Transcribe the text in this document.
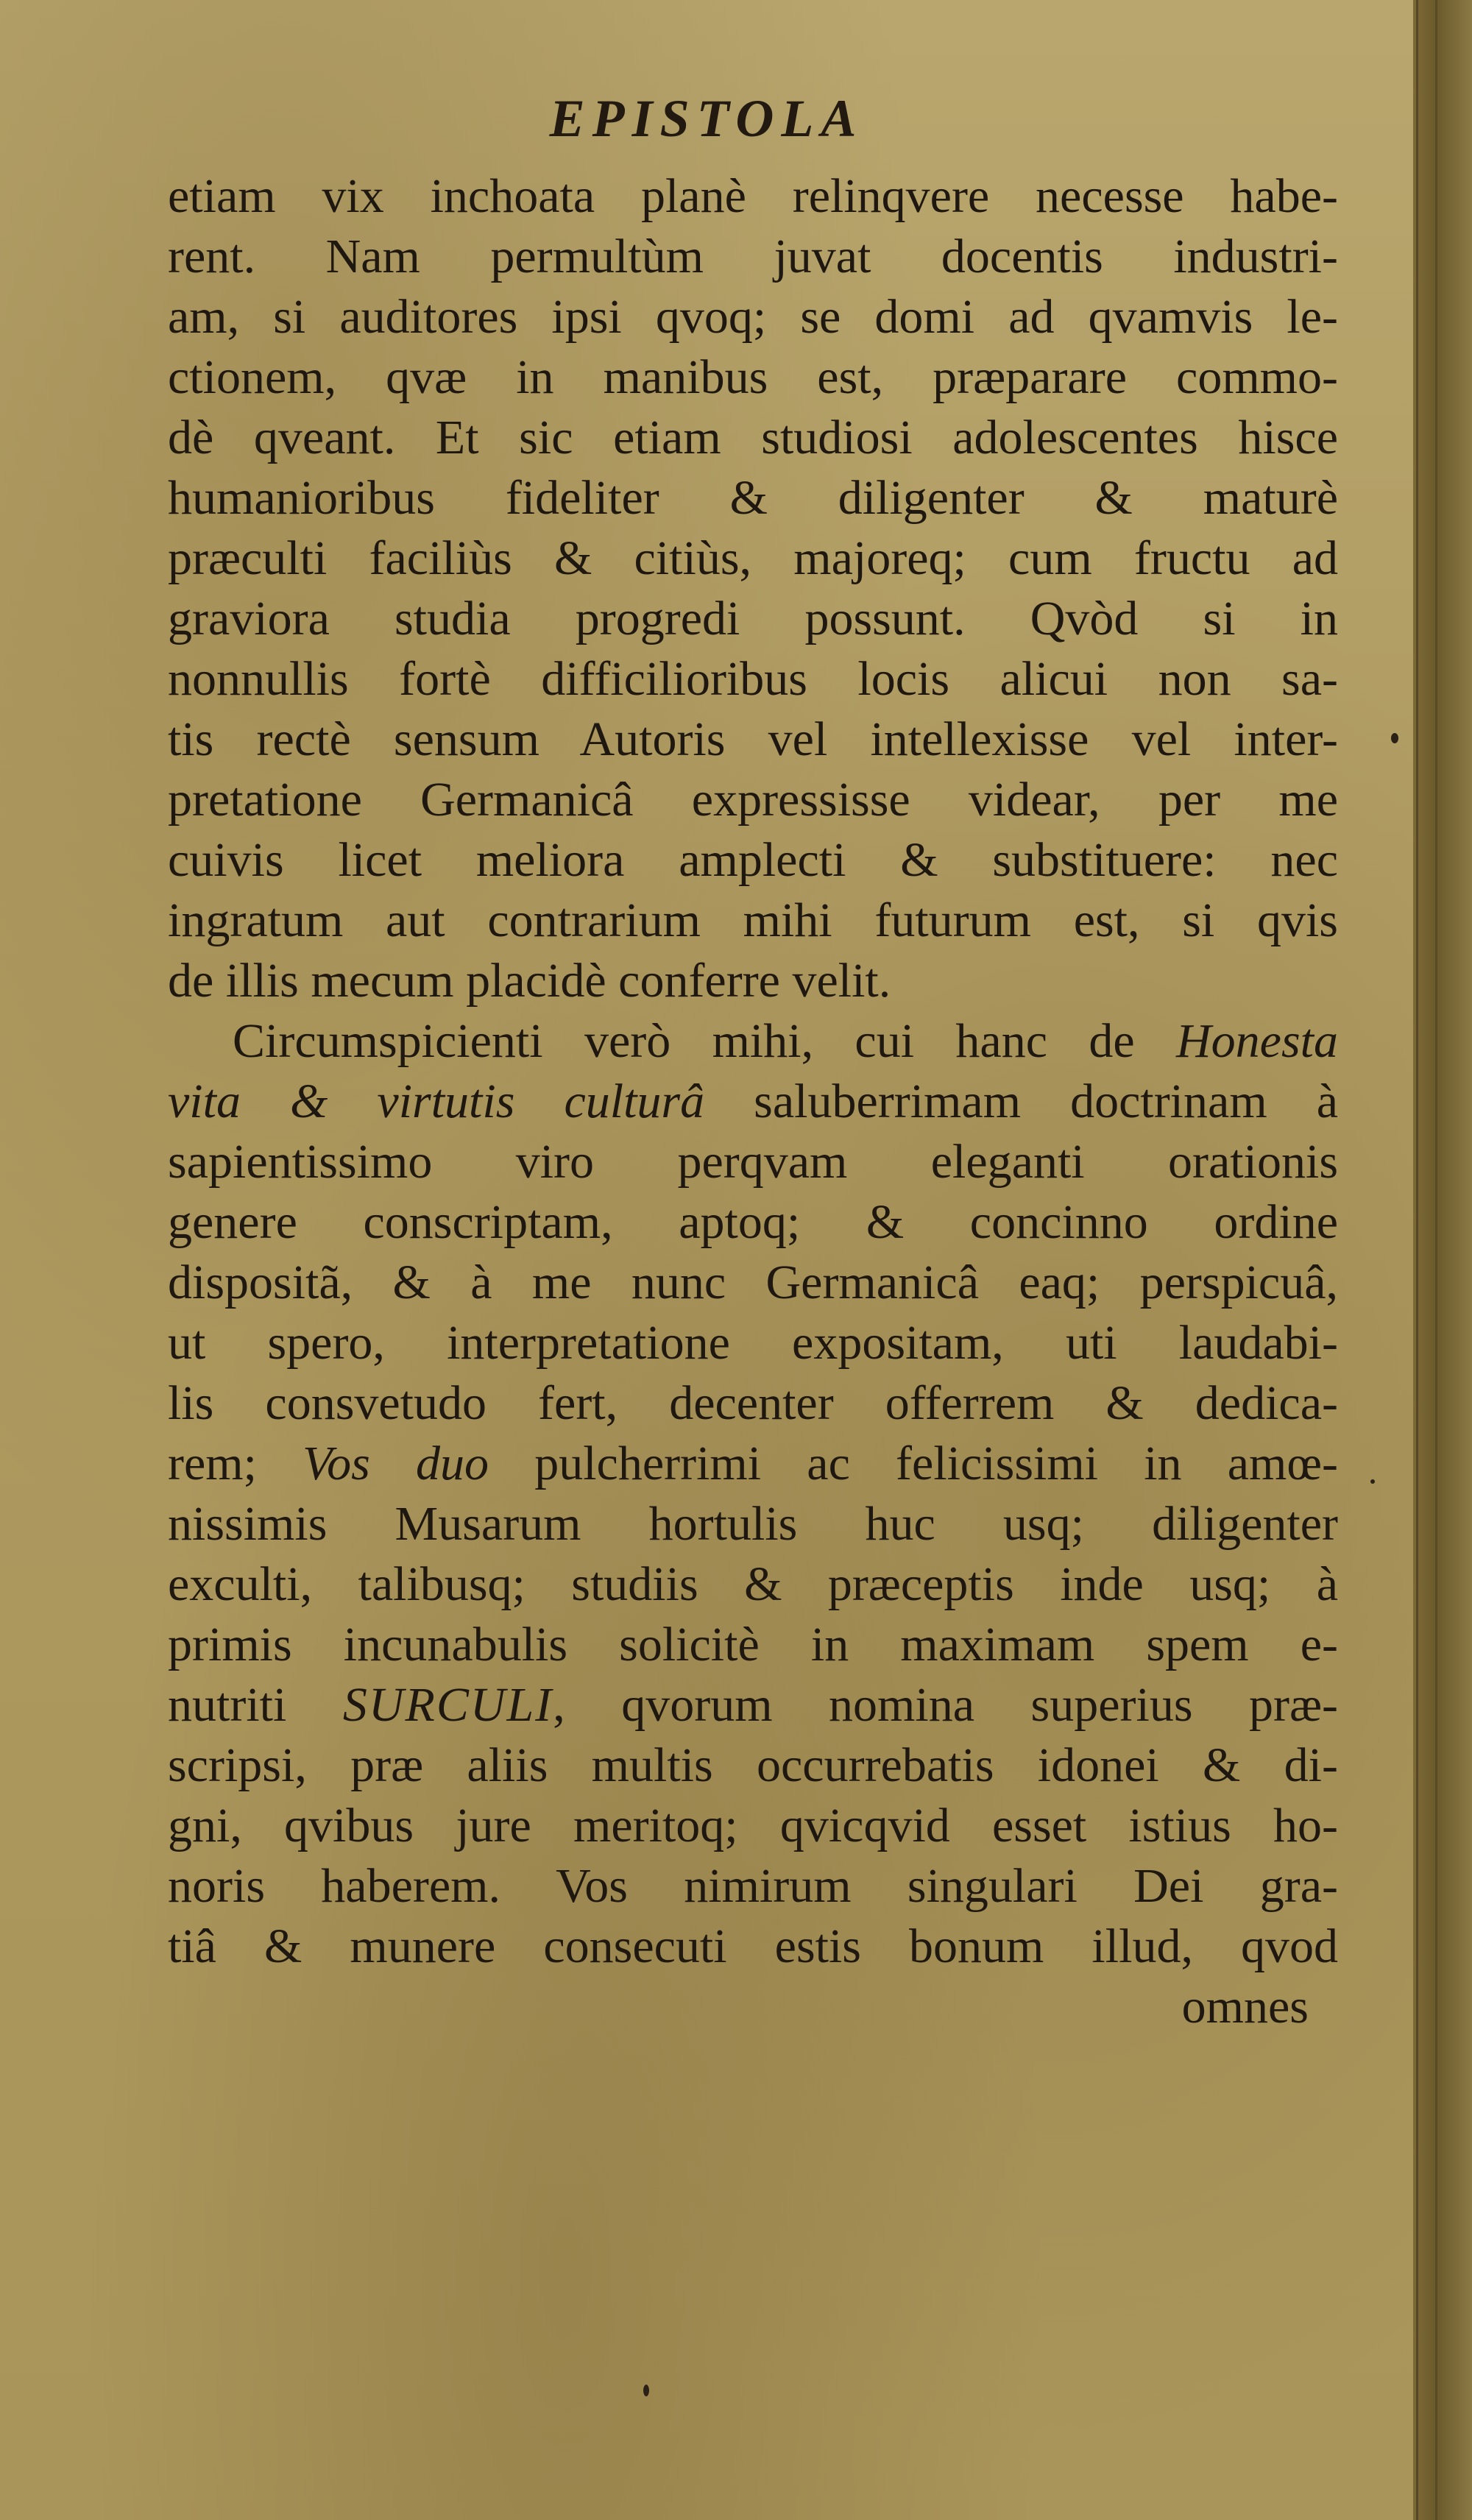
EPISTOLA
etiam vix inchoata planè relinqvere necesse habe-
rent. Nam permultùm juvat docentis industri-
am, si auditores ipsi qvoq; se domi ad qvamvis le-
ctionem, qvæ in manibus est, præparare commo-
dè qveant. Et sic etiam studiosi adolescentes hisce
humanioribus fideliter & diligenter & maturè
præculti faciliùs & citiùs, majoreq; cum fructu ad
graviora studia progredi possunt. Qvòd si in
nonnullis fortè difficilioribus locis alicui non sa-
tis rectè sensum Autoris vel intellexisse vel inter-
pretatione Germanicâ expressisse videar, per me
cuivis licet meliora amplecti & substituere: nec
ingratum aut contrarium mihi futurum est, si qvis
de illis mecum placidè conferre velit.
Circumspicienti verò mihi, cui hanc de Honesta
vita & virtutis culturâ saluberrimam doctrinam à
sapientissimo viro perqvam eleganti orationis
genere conscriptam, aptoq; & concinno ordine
dispositã, & à me nunc Germanicâ eaq; perspicuâ,
ut spero, interpretatione expositam, uti laudabi-
lis consvetudo fert, decenter offerrem & dedica-
rem; Vos duo pulcherrimi ac felicissimi in amœ-
nissimis Musarum hortulis huc usq; diligenter
exculti, talibusq; studiis & præceptis inde usq; à
primis incunabulis solicitè in maximam spem e-
nutriti SURCULI, qvorum nomina superius præ-
scripsi, præ aliis multis occurrebatis idonei & di-
gni, qvibus jure meritoq; qvicqvid esset istius ho-
noris haberem. Vos nimirum singulari Dei gra-
tiâ & munere consecuti estis bonum illud, qvod
omnes
